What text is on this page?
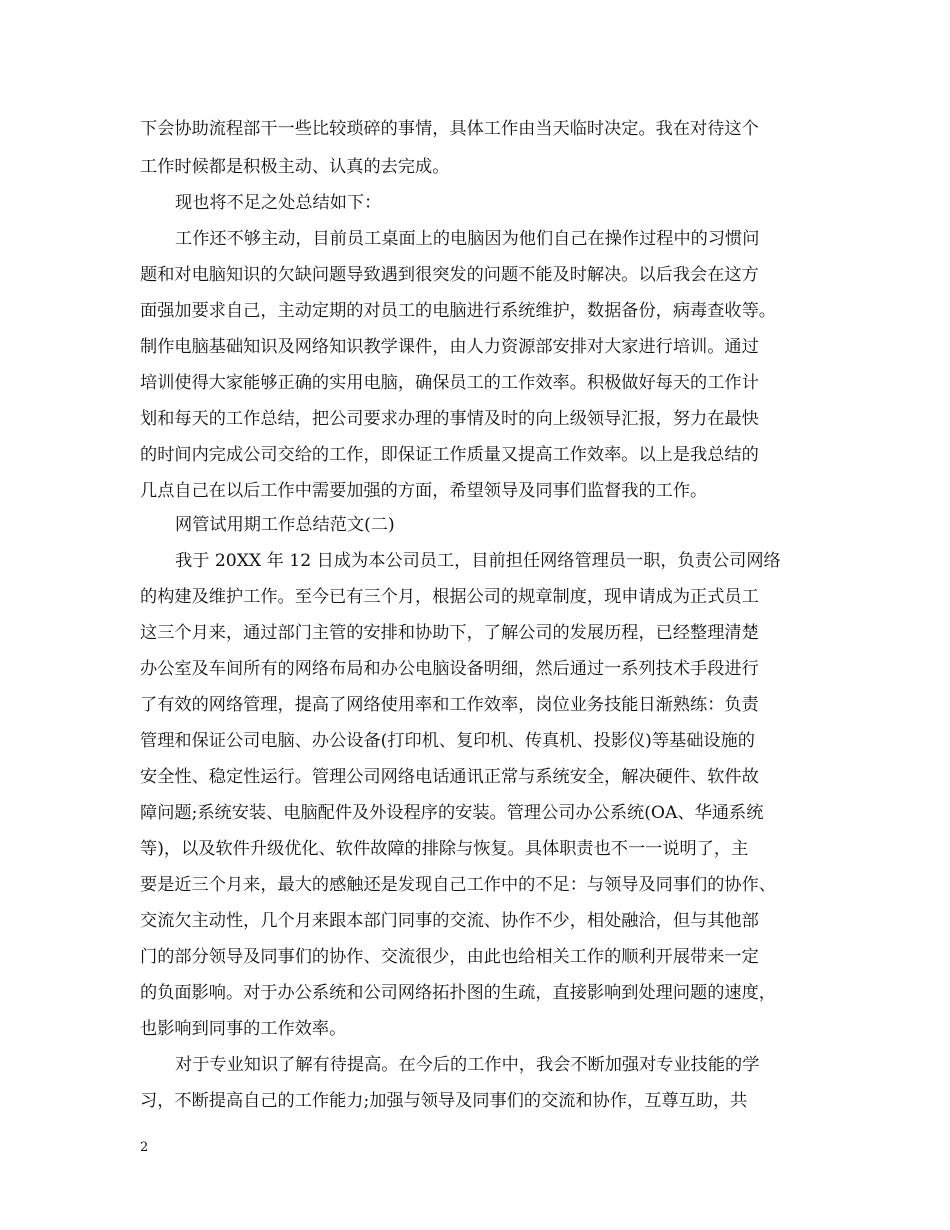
下会协助流程部干一些比较琐碎的事情，具体工作由当天临时决定。我在对待这个
工作时候都是积极主动、认真的去完成。
现也将不足之处总结如下：
工作还不够主动，目前员工桌面上的电脑因为他们自己在操作过程中的习惯问
题和对电脑知识的欠缺问题导致遇到很突发的问题不能及时解决。以后我会在这方
面强加要求自己，主动定期的对员工的电脑进行系统维护，数据备份，病毒查收等。
制作电脑基础知识及网络知识教学课件，由人力资源部安排对大家进行培训。通过
培训使得大家能够正确的实用电脑，确保员工的工作效率。积极做好每天的工作计
划和每天的工作总结，把公司要求办理的事情及时的向上级领导汇报，努力在最快
的时间内完成公司交给的工作，即保证工作质量又提高工作效率。以上是我总结的
几点自己在以后工作中需要加强的方面，希望领导及同事们监督我的工作。
网管试用期工作总结范文(二)
我于 20XX 年 12 日成为本公司员工，目前担任网络管理员一职，负责公司网络
的构建及维护工作。至今已有三个月，根据公司的规章制度，现申请成为正式员工
这三个月来，通过部门主管的安排和协助下，了解公司的发展历程，已经整理清楚
办公室及车间所有的网络布局和办公电脑设备明细，然后通过一系列技术手段进行
了有效的网络管理，提高了网络使用率和工作效率，岗位业务技能日渐熟练：负责
管理和保证公司电脑、办公设备(打印机、复印机、传真机、投影仪)等基础设施的
安全性、稳定性运行。管理公司网络电话通讯正常与系统安全，解决硬件、软件故
障问题;系统安装、电脑配件及外设程序的安装。管理公司办公系统(OA、华通系统
等)，以及软件升级优化、软件故障的排除与恢复。具体职责也不一一说明了，主
要是近三个月来，最大的感触还是发现自己工作中的不足：与领导及同事们的协作、
交流欠主动性，几个月来跟本部门同事的交流、协作不少，相处融洽，但与其他部
门的部分领导及同事们的协作、交流很少，由此也给相关工作的顺利开展带来一定
的负面影响。对于办公系统和公司网络拓扑图的生疏，直接影响到处理问题的速度，
也影响到同事的工作效率。
对于专业知识了解有待提高。在今后的工作中，我会不断加强对专业技能的学
习，不断提高自己的工作能力;加强与领导及同事们的交流和协作，互尊互助，共
2
